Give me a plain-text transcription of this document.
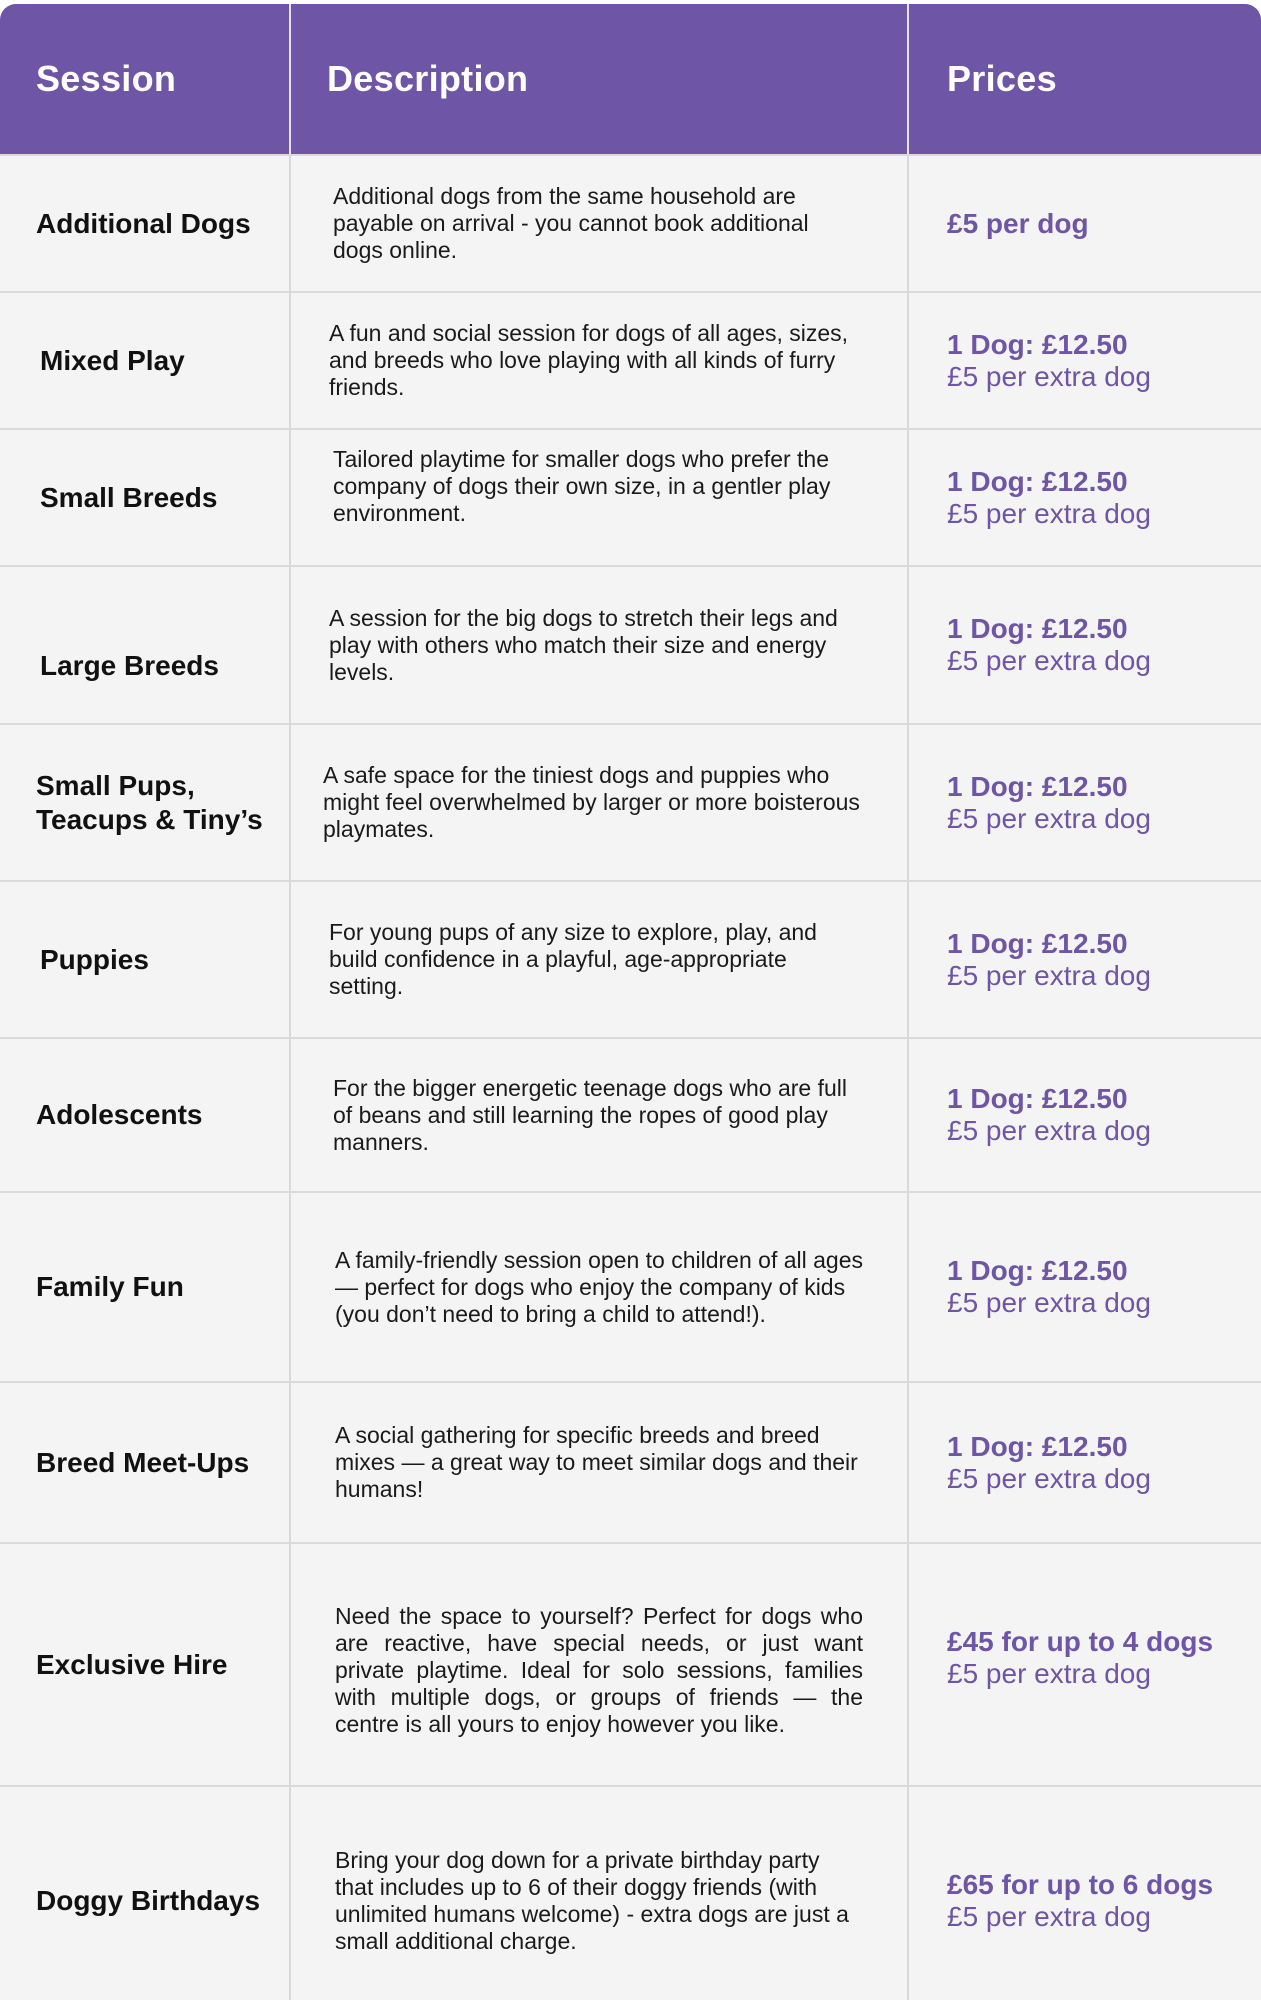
Session	Description	Prices
Additional Dogs
Additional dogs from the same household are payable on arrival - you cannot book additional dogs online.
£5 per dog
Mixed Play
A fun and social session for dogs of all ages, sizes, and breeds who love playing with all kinds of furry friends.
1 Dog: £12.50
£5 per extra dog
Small Breeds
Tailored playtime for smaller dogs who prefer the company of dogs their own size, in a gentler play environment.
1 Dog: £12.50
£5 per extra dog
Large Breeds
A session for the big dogs to stretch their legs and play with others who match their size and energy levels.
1 Dog: £12.50
£5 per extra dog
Small Pups, Teacups & Tiny’s
A safe space for the tiniest dogs and puppies who might feel overwhelmed by larger or more boisterous playmates.
1 Dog: £12.50
£5 per extra dog
Puppies
For young pups of any size to explore, play, and build confidence in a playful, age-appropriate setting.
1 Dog: £12.50
£5 per extra dog
Adolescents
For the bigger energetic teenage dogs who are full of beans and still learning the ropes of good play manners.
1 Dog: £12.50
£5 per extra dog
Family Fun
A family-friendly session open to children of all ages — perfect for dogs who enjoy the company of kids (you don’t need to bring a child to attend!).
1 Dog: £12.50
£5 per extra dog
Breed Meet-Ups
A social gathering for specific breeds and breed mixes — a great way to meet similar dogs and their humans!
1 Dog: £12.50
£5 per extra dog
Exclusive Hire
Need the space to yourself? Perfect for dogs who are reactive, have special needs, or just want private playtime. Ideal for solo sessions, families with multiple dogs, or groups of friends — the centre is all yours to enjoy however you like.
£45 for up to 4 dogs
£5 per extra dog
Doggy Birthdays
Bring your dog down for a private birthday party that includes up to 6 of their doggy friends (with unlimited humans welcome) - extra dogs are just a small additional charge.
£65 for up to 6 dogs
£5 per extra dog
